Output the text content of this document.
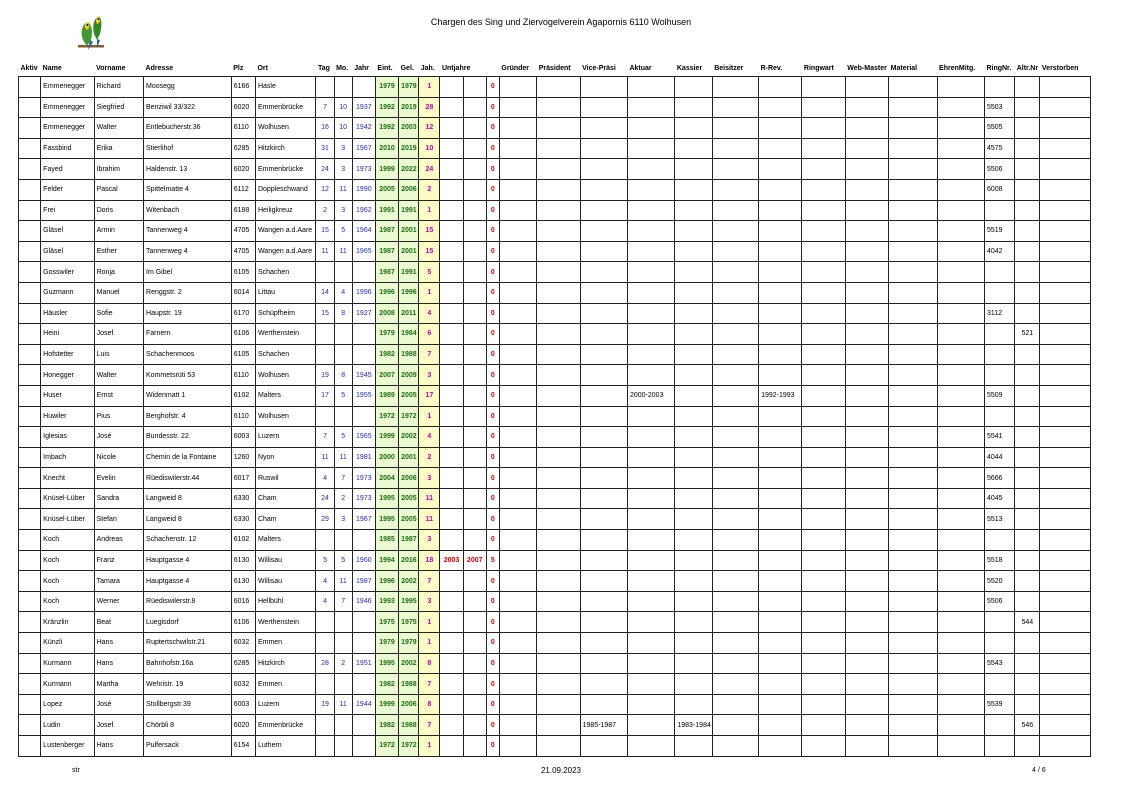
Chargen des Sing und Ziervogelverein Agapornis 6110 Wolhusen
Aktiv	Name	Vorname	Adresse	Plz	Ort	Tag	Mo.	Jahr	Eint.	Gel.	Jah.	Untjahre			Gründer	Präsident	Vice-Präsi	Aktuar	Kassier	Beisitzer	R-Rev.	Ringwart	Web-Master	Material	EhrenMitg.	RingNr.	Altr.Nr	Verstorben
	Emmenegger	Richard	Moosegg	6166	Hasle				1979	1979	1			0														
	Emmenegger	Siegfried	Benziwil 33/322	6020	Emmenbrücke	7	10	1937	1992	2019	28			0												5503		
	Emmenegger	Walter	Entlebucherstr.36	6110	Wolhusen	16	10	1942	1992	2003	12			0												5505		
	Fassbind	Erika	Stierlihof	6285	Hitzkirch	31	3	1967	2010	2019	10			0												4575		
	Fayed	Ibrahim	Haldenstr. 13	6020	Emmenbrücke	24	3	1973	1999	2022	24			0												5506		
	Felder	Pascal	Spittelmatte 4	6112	Doppleschwand	12	11	1990	2005	2006	2			0												6008		
	Frei	Doris	Witenbach	6188	Heiligkreuz	2	3	1962	1991	1991	1			0														
	Gläsel	Armin	Tannenweg 4	4705	Wangen a.d.Aare	15	5	1964	1987	2001	15			0												5519		
	Gläsel	Esther	Tannenweg 4	4705	Wangen a.d.Aare	11	11	1965	1987	2001	15			0												4042		
	Gosswiler	Ronja	Im Gibel	6105	Schachen				1987	1991	5			0														
	Guzmann	Manuel	Renggstr. 2	6014	Littau	14	4	1996	1996	1996	1			0														
	Häusler	Sofie	Haupstr. 19	6170	Schüpfheim	15	8	1927	2008	2011	4			0												3112		
	Heini	Josef	Farnern	6106	Werthenstein				1979	1984	6			0													521	
	Hofstetter	Luis	Schachenmoos	6105	Schachen				1982	1988	7			0														
	Honegger	Walter	Kommetsrüti 53	6110	Wolhusen	19	8	1945	2007	2009	3			0														
	Huser	Ernst	Widenmatt 1	6102	Malters	17	5	1955	1989	2005	17			0				2000-2003			1992-1993					5509		
	Huwiler	Pius	Berghofstr. 4	6110	Wolhusen				1972	1972	1			0														
	Iglesias	José	Bundesstr. 22	6003	Luzern	7	5	1965	1999	2002	4			0												5541		
	Imbach	Nicole	Chemin de la Fontaine	1260	Nyon	11	11	1981	2000	2001	2			0												4044		
	Knecht	Evelin	Rüediswilerstr.44	6017	Ruswil	4	7	1973	2004	2006	3			0												5666		
	Knüsel-Lüber	Sandra	Langweid 8	6330	Cham	24	2	1973	1995	2005	11			0												4045		
	Knüsel-Lüber	Stefan	Langweid 8	6330	Cham	29	3	1967	1995	2005	11			0												5513		
	Koch	Andreas	Schachenstr. 12	6102	Malters				1985	1987	3			0														
	Koch	Franz	Hauptgasse 4	6130	Willisau	5	5	1960	1994	2016	18	2003	2007	5												5518		
	Koch	Tamara	Hauptgasse 4	6130	Willisau	4	11	1987	1996	2002	7			0												5520		
	Koch	Werner	Rüediswilerstr.8	6016	Hellbühl	4	7	1946	1993	1995	3			0												5506		
	Kränzlin	Beat	Luegisdorf	6106	Werthenstein				1975	1975	1			0													544	
	Künzli	Hans	Ruptertschwilstr.21	6032	Emmen				1979	1979	1			0														
	Kurmann	Hans	Bahnhofstr.16a	6285	Hitzkirch	28	2	1951	1995	2002	8			0												5543		
	Kurmann	Martha	Wehristr. 19	6032	Emmen				1982	1988	7			0														
	Lopez	José	Stollbergstr.39	6003	Luzern	19	11	1944	1999	2006	8			0												5539		
	Ludin	Josef	Chörbli 8	6020	Emmenbrücke				1982	1988	7			0			1985-1987		1983-1984								546	
	Lustenberger	Hans	Pulfersack	6154	Luthern				1972	1972	1			0														
str	21.09.2023	4 / 6
